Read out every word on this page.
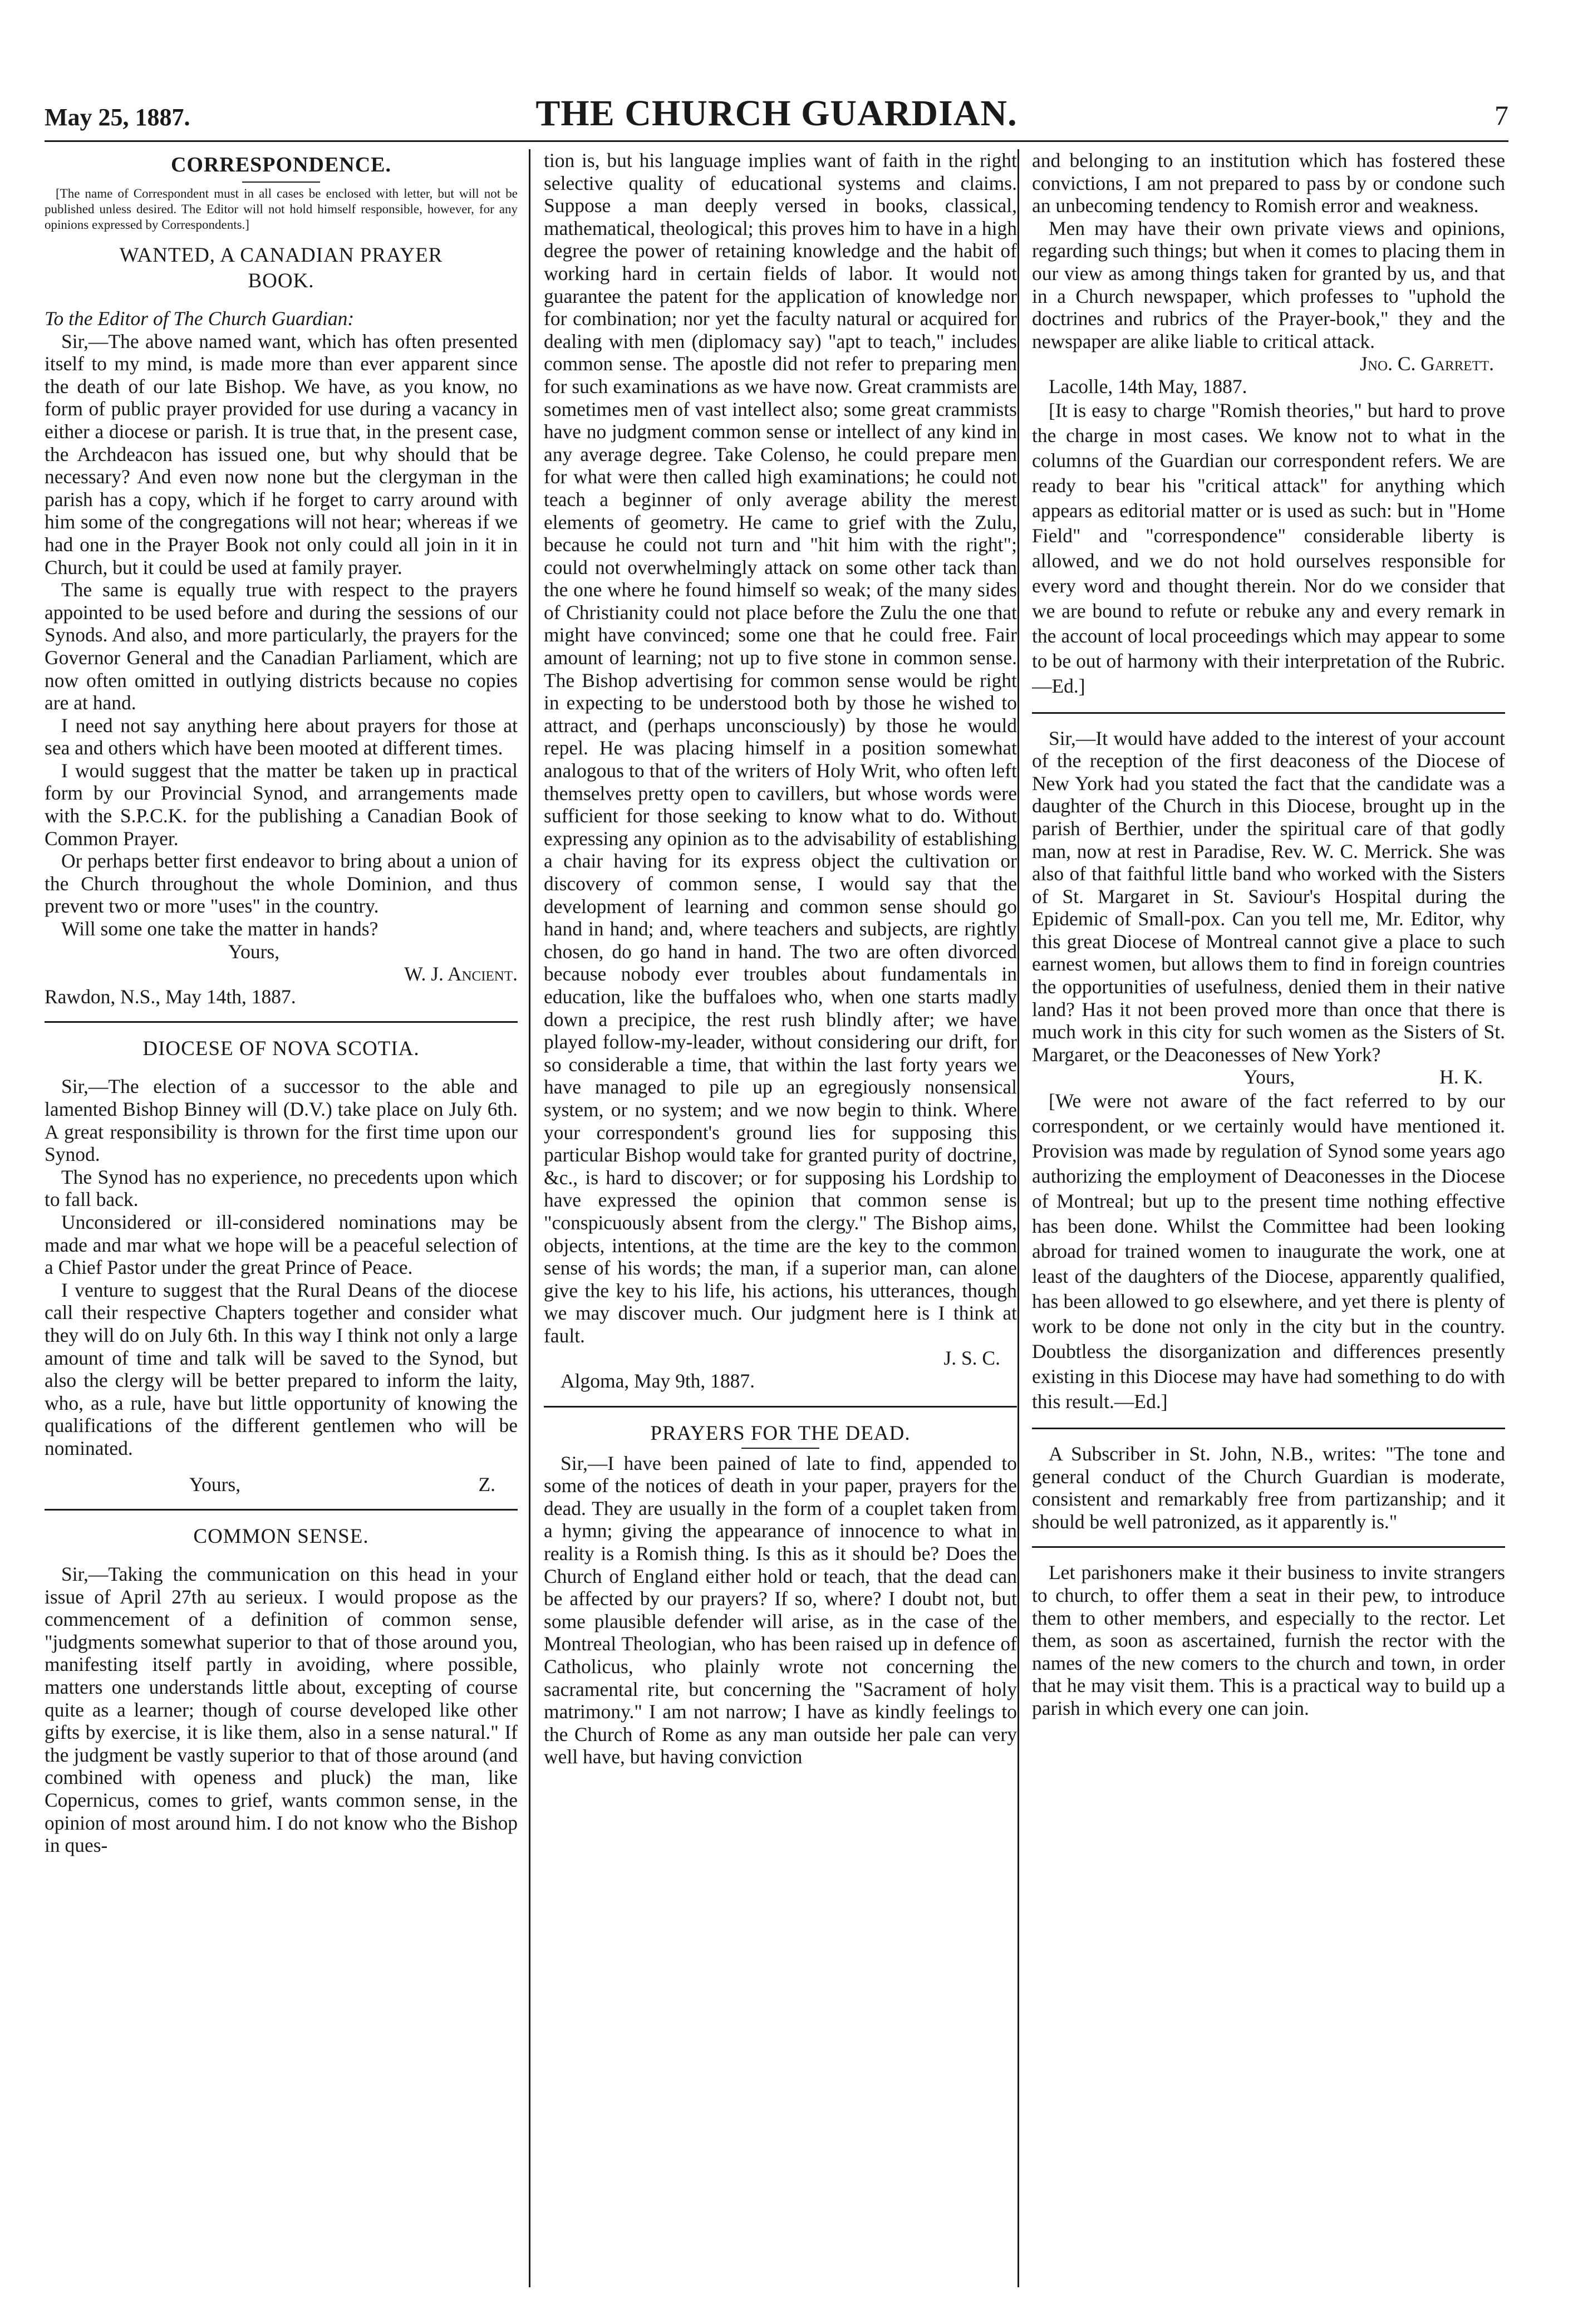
May 25, 1887.	THE CHURCH GUARDIAN.	7
CORRESPONDENCE.

[The name of Correspondent must in all cases be enclosed with letter, but will not be published unless desired. The Editor will not hold himself responsible, however, for any opinions expressed by Correspondents.]

WANTED, A CANADIAN PRAYER
BOOK.

To the Editor of The Church Guardian:

Sir,—The above named want, which has often presented itself to my mind, is made more than ever apparent since the death of our late Bishop. We have, as you know, no form of public prayer provided for use during a vacancy in either a diocese or parish. It is true that, in the present case, the Archdeacon has issued one, but why should that be necessary? And even now none but the clergyman in the parish has a copy, which if he forget to carry around with him some of the congregations will not hear; whereas if we had one in the Prayer Book not only could all join in it in Church, but it could be used at family prayer.

The same is equally true with respect to the prayers appointed to be used before and during the sessions of our Synods. And also, and more particularly, the prayers for the Governor General and the Canadian Parliament, which are now often omitted in outlying districts because no copies are at hand.

I need not say anything here about prayers for those at sea and others which have been mooted at different times.

I would suggest that the matter be taken up in practical form by our Provincial Synod, and arrangements made with the S.P.C.K. for the publishing a Canadian Book of Common Prayer.

Or perhaps better first endeavor to bring about a union of the Church throughout the whole Dominion, and thus prevent two or more "uses" in the country.

Will some one take the matter in hands?

Yours,

W. J. Ancient.

Rawdon, N.S., May 14th, 1887.

DIOCESE OF NOVA SCOTIA.

Sir,—The election of a successor to the able and lamented Bishop Binney will (D.V.) take place on July 6th. A great responsibility is thrown for the first time upon our Synod.

The Synod has no experience, no precedents upon which to fall back.

Unconsidered or ill-considered nominations may be made and mar what we hope will be a peaceful selection of a Chief Pastor under the great Prince of Peace.

I venture to suggest that the Rural Deans of the diocese call their respective Chapters together and consider what they will do on July 6th. In this way I think not only a large amount of time and talk will be saved to the Synod, but also the clergy will be better prepared to inform the laity, who, as a rule, have but little opportunity of knowing the qualifications of the different gentlemen who will be nominated.

Yours,	Z.
COMMON SENSE.

Sir,—Taking the communication on this head in your issue of April 27th au serieux. I would propose as the commencement of a definition of common sense, "judgments somewhat superior to that of those around you, manifesting itself partly in avoiding, where possible, matters one understands little about, excepting of course quite as a learner; though of course developed like other gifts by exercise, it is like them, also in a sense natural." If the judgment be vastly superior to that of those around (and combined with openess and pluck) the man, like Copernicus, comes to grief, wants common sense, in the opinion of most around him. I do not know who the Bishop in ques-

tion is, but his language implies want of faith in the right selective quality of educational systems and claims. Suppose a man deeply versed in books, classical, mathematical, theological; this proves him to have in a high degree the power of retaining knowledge and the habit of working hard in certain fields of labor. It would not guarantee the patent for the application of knowledge nor for combination; nor yet the faculty natural or acquired for dealing with men (diplomacy say) "apt to teach," includes common sense. The apostle did not refer to preparing men for such examinations as we have now. Great crammists are sometimes men of vast intellect also; some great crammists have no judgment common sense or intellect of any kind in any average degree. Take Colenso, he could prepare men for what were then called high examinations; he could not teach a beginner of only average ability the merest elements of geometry. He came to grief with the Zulu, because he could not turn and "hit him with the right"; could not overwhelmingly attack on some other tack than the one where he found himself so weak; of the many sides of Christianity could not place before the Zulu the one that might have convinced; some one that he could free. Fair amount of learning; not up to five stone in common sense. The Bishop advertising for common sense would be right in expecting to be understood both by those he wished to attract, and (perhaps unconsciously) by those he would repel. He was placing himself in a position somewhat analogous to that of the writers of Holy Writ, who often left themselves pretty open to cavillers, but whose words were sufficient for those seeking to know what to do. Without expressing any opinion as to the advisability of establishing a chair having for its express object the cultivation or discovery of common sense, I would say that the development of learning and common sense should go hand in hand; and, where teachers and subjects, are rightly chosen, do go hand in hand. The two are often divorced because nobody ever troubles about fundamentals in education, like the buffaloes who, when one starts madly down a precipice, the rest rush blindly after; we have played follow-my-leader, without considering our drift, for so considerable a time, that within the last forty years we have managed to pile up an egregiously nonsensical system, or no system; and we now begin to think. Where your correspondent's ground lies for supposing this particular Bishop would take for granted purity of doctrine, &c., is hard to discover; or for supposing his Lordship to have expressed the opinion that common sense is "conspicuously absent from the clergy." The Bishop aims, objects, intentions, at the time are the key to the common sense of his words; the man, if a superior man, can alone give the key to his life, his actions, his utterances, though we may discover much. Our judgment here is I think at fault.

J. S. C.

Algoma, May 9th, 1887.

PRAYERS FOR THE DEAD.

Sir,—I have been pained of late to find, appended to some of the notices of death in your paper, prayers for the dead. They are usually in the form of a couplet taken from a hymn; giving the appearance of innocence to what in reality is a Romish thing. Is this as it should be? Does the Church of England either hold or teach, that the dead can be affected by our prayers? If so, where? I doubt not, but some plausible defender will arise, as in the case of the Montreal Theologian, who has been raised up in defence of Catholicus, who plainly wrote not concerning the sacramental rite, but concerning the "Sacrament of holy matrimony." I am not narrow; I have as kindly feelings to the Church of Rome as any man outside her pale can very well have, but having conviction

and belonging to an institution which has fostered these convictions, I am not prepared to pass by or condone such an unbecoming tendency to Romish error and weakness.

Men may have their own private views and opinions, regarding such things; but when it comes to placing them in our view as among things taken for granted by us, and that in a Church newspaper, which professes to "uphold the doctrines and rubrics of the Prayer-book," they and the newspaper are alike liable to critical attack.

Jno. C. Garrett.

Lacolle, 14th May, 1887.

[It is easy to charge "Romish theories," but hard to prove the charge in most cases. We know not to what in the columns of the Guardian our correspondent refers. We are ready to bear his "critical attack" for anything which appears as editorial matter or is used as such: but in "Home Field" and "correspondence" considerable liberty is allowed, and we do not hold ourselves responsible for every word and thought therein. Nor do we consider that we are bound to refute or rebuke any and every remark in the account of local proceedings which may appear to some to be out of harmony with their interpretation of the Rubric.—Ed.]

Sir,—It would have added to the interest of your account of the reception of the first deaconess of the Diocese of New York had you stated the fact that the candidate was a daughter of the Church in this Diocese, brought up in the parish of Berthier, under the spiritual care of that godly man, now at rest in Paradise, Rev. W. C. Merrick. She was also of that faithful little band who worked with the Sisters of St. Margaret in St. Saviour's Hospital during the Epidemic of Small-pox. Can you tell me, Mr. Editor, why this great Diocese of Montreal cannot give a place to such earnest women, but allows them to find in foreign countries the opportunities of usefulness, denied them in their native land? Has it not been proved more than once that there is much work in this city for such women as the Sisters of St. Margaret, or the Deaconesses of New York?

Yours,	H. K.

[We were not aware of the fact referred to by our correspondent, or we certainly would have mentioned it. Provision was made by regulation of Synod some years ago authorizing the employment of Deaconesses in the Diocese of Montreal; but up to the present time nothing effective has been done. Whilst the Committee had been looking abroad for trained women to inaugurate the work, one at least of the daughters of the Diocese, apparently qualified, has been allowed to go elsewhere, and yet there is plenty of work to be done not only in the city but in the country. Doubtless the disorganization and differences presently existing in this Diocese may have had something to do with this result.—Ed.]

A Subscriber in St. John, N.B., writes: "The tone and general conduct of the Church Guardian is moderate, consistent and remarkably free from partizanship; and it should be well patronized, as it apparently is."

Let parishoners make it their business to invite strangers to church, to offer them a seat in their pew, to introduce them to other members, and especially to the rector. Let them, as soon as ascertained, furnish the rector with the names of the new comers to the church and town, in order that he may visit them. This is a practical way to build up a parish in which every one can join.
